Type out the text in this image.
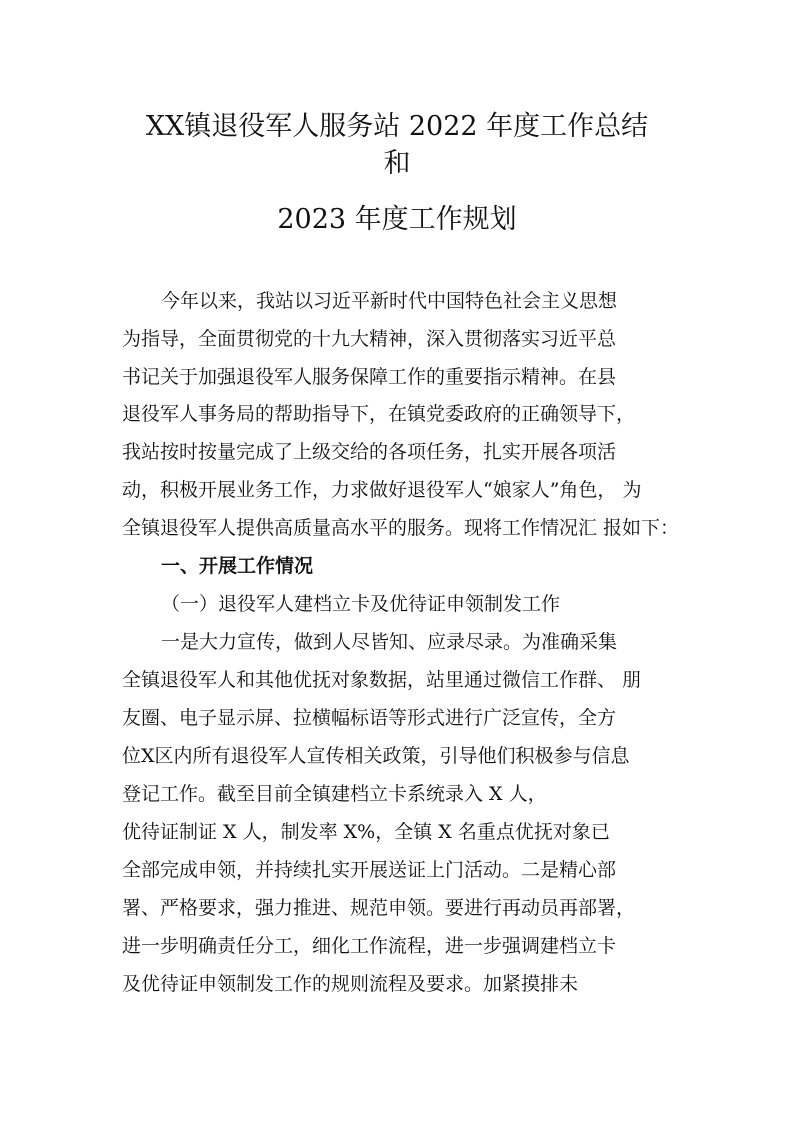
XX镇退役军人服务站 2022 年度工作总结
和
2023 年度工作规划

今年以来，我站以习近平新时代中国特色社会主义思想

为指导，全面贯彻党的十九大精神，深入贯彻落实习近平总

书记关于加强退役军人服务保障工作的重要指示精神。在县

退役军人事务局的帮助指导下，在镇党委政府的正确领导下，

我站按时按量完成了上级交给的各项任务，扎实开展各项活

动，积极开展业务工作，力求做好退役军人“娘家人”角色， 为

全镇退役军人提供高质量高水平的服务。现将工作情况汇 报如下：

一、开展工作情况

（一）退役军人建档立卡及优待证申领制发工作

一是大力宣传，做到人尽皆知、应录尽录。为准确采集

全镇退役军人和其他优抚对象数据，站里通过微信工作群、 朋

友圈、电子显示屏、拉横幅标语等形式进行广泛宣传，全方

位X区内所有退役军人宣传相关政策，引导他们积极参与信息

登记工作。截至目前全镇建档立卡系统录入 X 人，

优待证制证 X 人，制发率 X%，全镇 X 名重点优抚对象已

全部完成申领，并持续扎实开展送证上门活动。二是精心部

署、严格要求，强力推进、规范申领。要进行再动员再部署，

进一步明确责任分工，细化工作流程，进一步强调建档立卡

及优待证申领制发工作的规则流程及要求。加紧摸排未
